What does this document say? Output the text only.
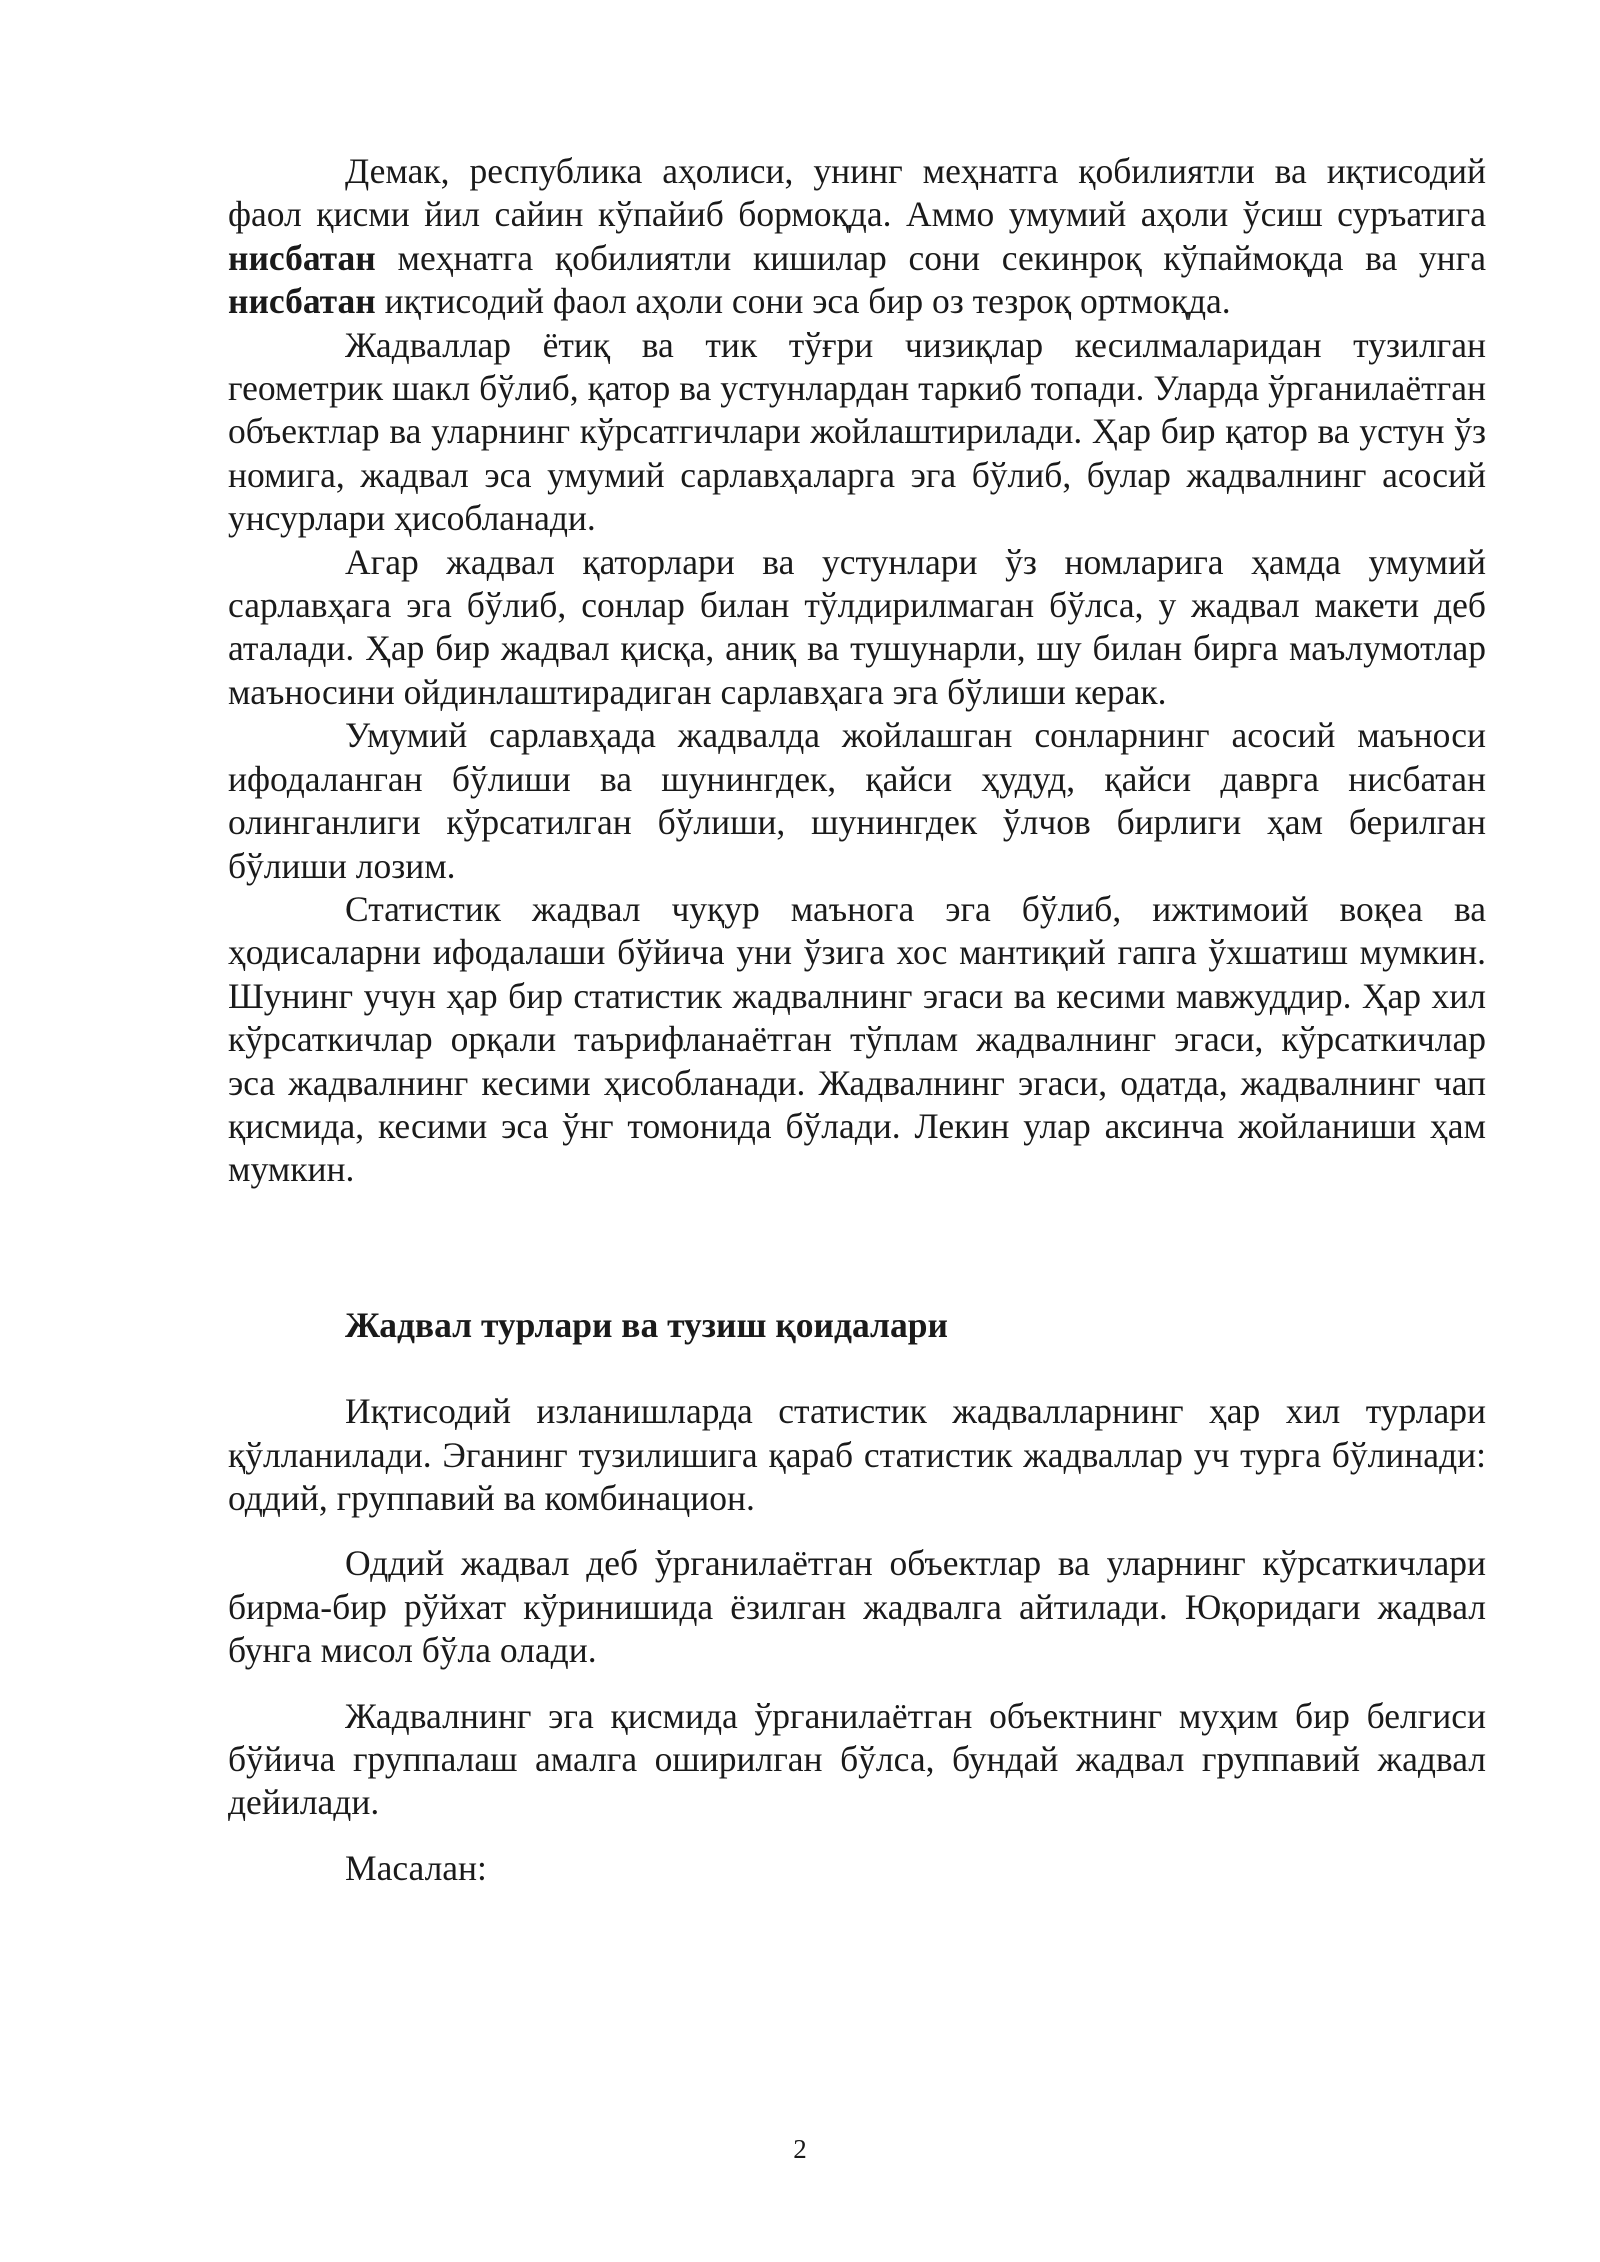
Демак, республика аҳолиси, унинг меҳнатга қобилиятли ва иқтисодий фаол қисми йил сайин кўпайиб бормоқда. Аммо умумий аҳоли ўсиш суръатига нисбатан меҳнатга қобилиятли кишилар сони секинроқ кўпаймоқда ва унга нисбатан иқтисодий фаол аҳоли сони эса бир оз тезроқ ортмоқда.

Жадваллар ётиқ ва тик тўғри чизиқлар кесилмаларидан тузилган геометрик шакл бўлиб, қатор ва устунлардан таркиб топади. Уларда ўрганилаётган объектлар ва уларнинг кўрсатгичлари жойлаштирилади. Ҳар бир қатор ва устун ўз номига, жадвал эса умумий сарлавҳаларга эга бўлиб, булар жадвалнинг асосий унсурлари ҳисобланади.

Агар жадвал қаторлари ва устунлари ўз номларига ҳамда умумий сарлавҳага эга бўлиб, сонлар билан тўлдирилмаган бўлса, у жадвал макети деб аталади. Ҳар бир жадвал қисқа, аниқ ва тушунарли, шу билан бирга маълумотлар маъносини ойдинлаштирадиган сарлавҳага эга бўлиши керак.

Умумий сарлавҳада жадвалда жойлашган сонларнинг асосий маъноси ифодаланган бўлиши ва шунингдек, қайси ҳудуд, қайси даврга нисбатан олинганлиги кўрсатилган бўлиши, шунингдек ўлчов бирлиги ҳам берилган бўлиши лозим.

Статистик жадвал чуқур маънога эга бўлиб, ижтимоий воқеа ва ҳодисаларни ифодалаши бўйича уни ўзига хос мантиқий гапга ўхшатиш мумкин. Шунинг учун ҳар бир статистик жадвалнинг эгаси ва кесими мавжуддир. Ҳар хил кўрсаткичлар орқали таърифланаётган тўплам жадвалнинг эгаси, кўрсаткичлар эса жадвалнинг кесими ҳисобланади. Жадвалнинг эгаси, одатда, жадвалнинг чап қисмида, кесими эса ўнг томонида бўлади. Лекин улар аксинча жойланиши ҳам мумкин.

Жадвал турлари ва тузиш қоидалари

Иқтисодий изланишларда статистик жадвалларнинг ҳар хил турлари қўлланилади. Эганинг тузилишига қараб статистик жадваллар уч турга бўлинади: оддий, группавий ва комбинацион.

Оддий жадвал деб ўрганилаётган объектлар ва уларнинг кўрсаткичлари бирма-бир рўйхат кўринишида ёзилган жадвалга айтилади. Юқоридаги жадвал бунга мисол бўла олади.

Жадвалнинг эга қисмида ўрганилаётган объектнинг муҳим бир белгиси бўйича группалаш амалга оширилган бўлса, бундай жадвал группавий жадвал дейилади.

Масалан:

2
